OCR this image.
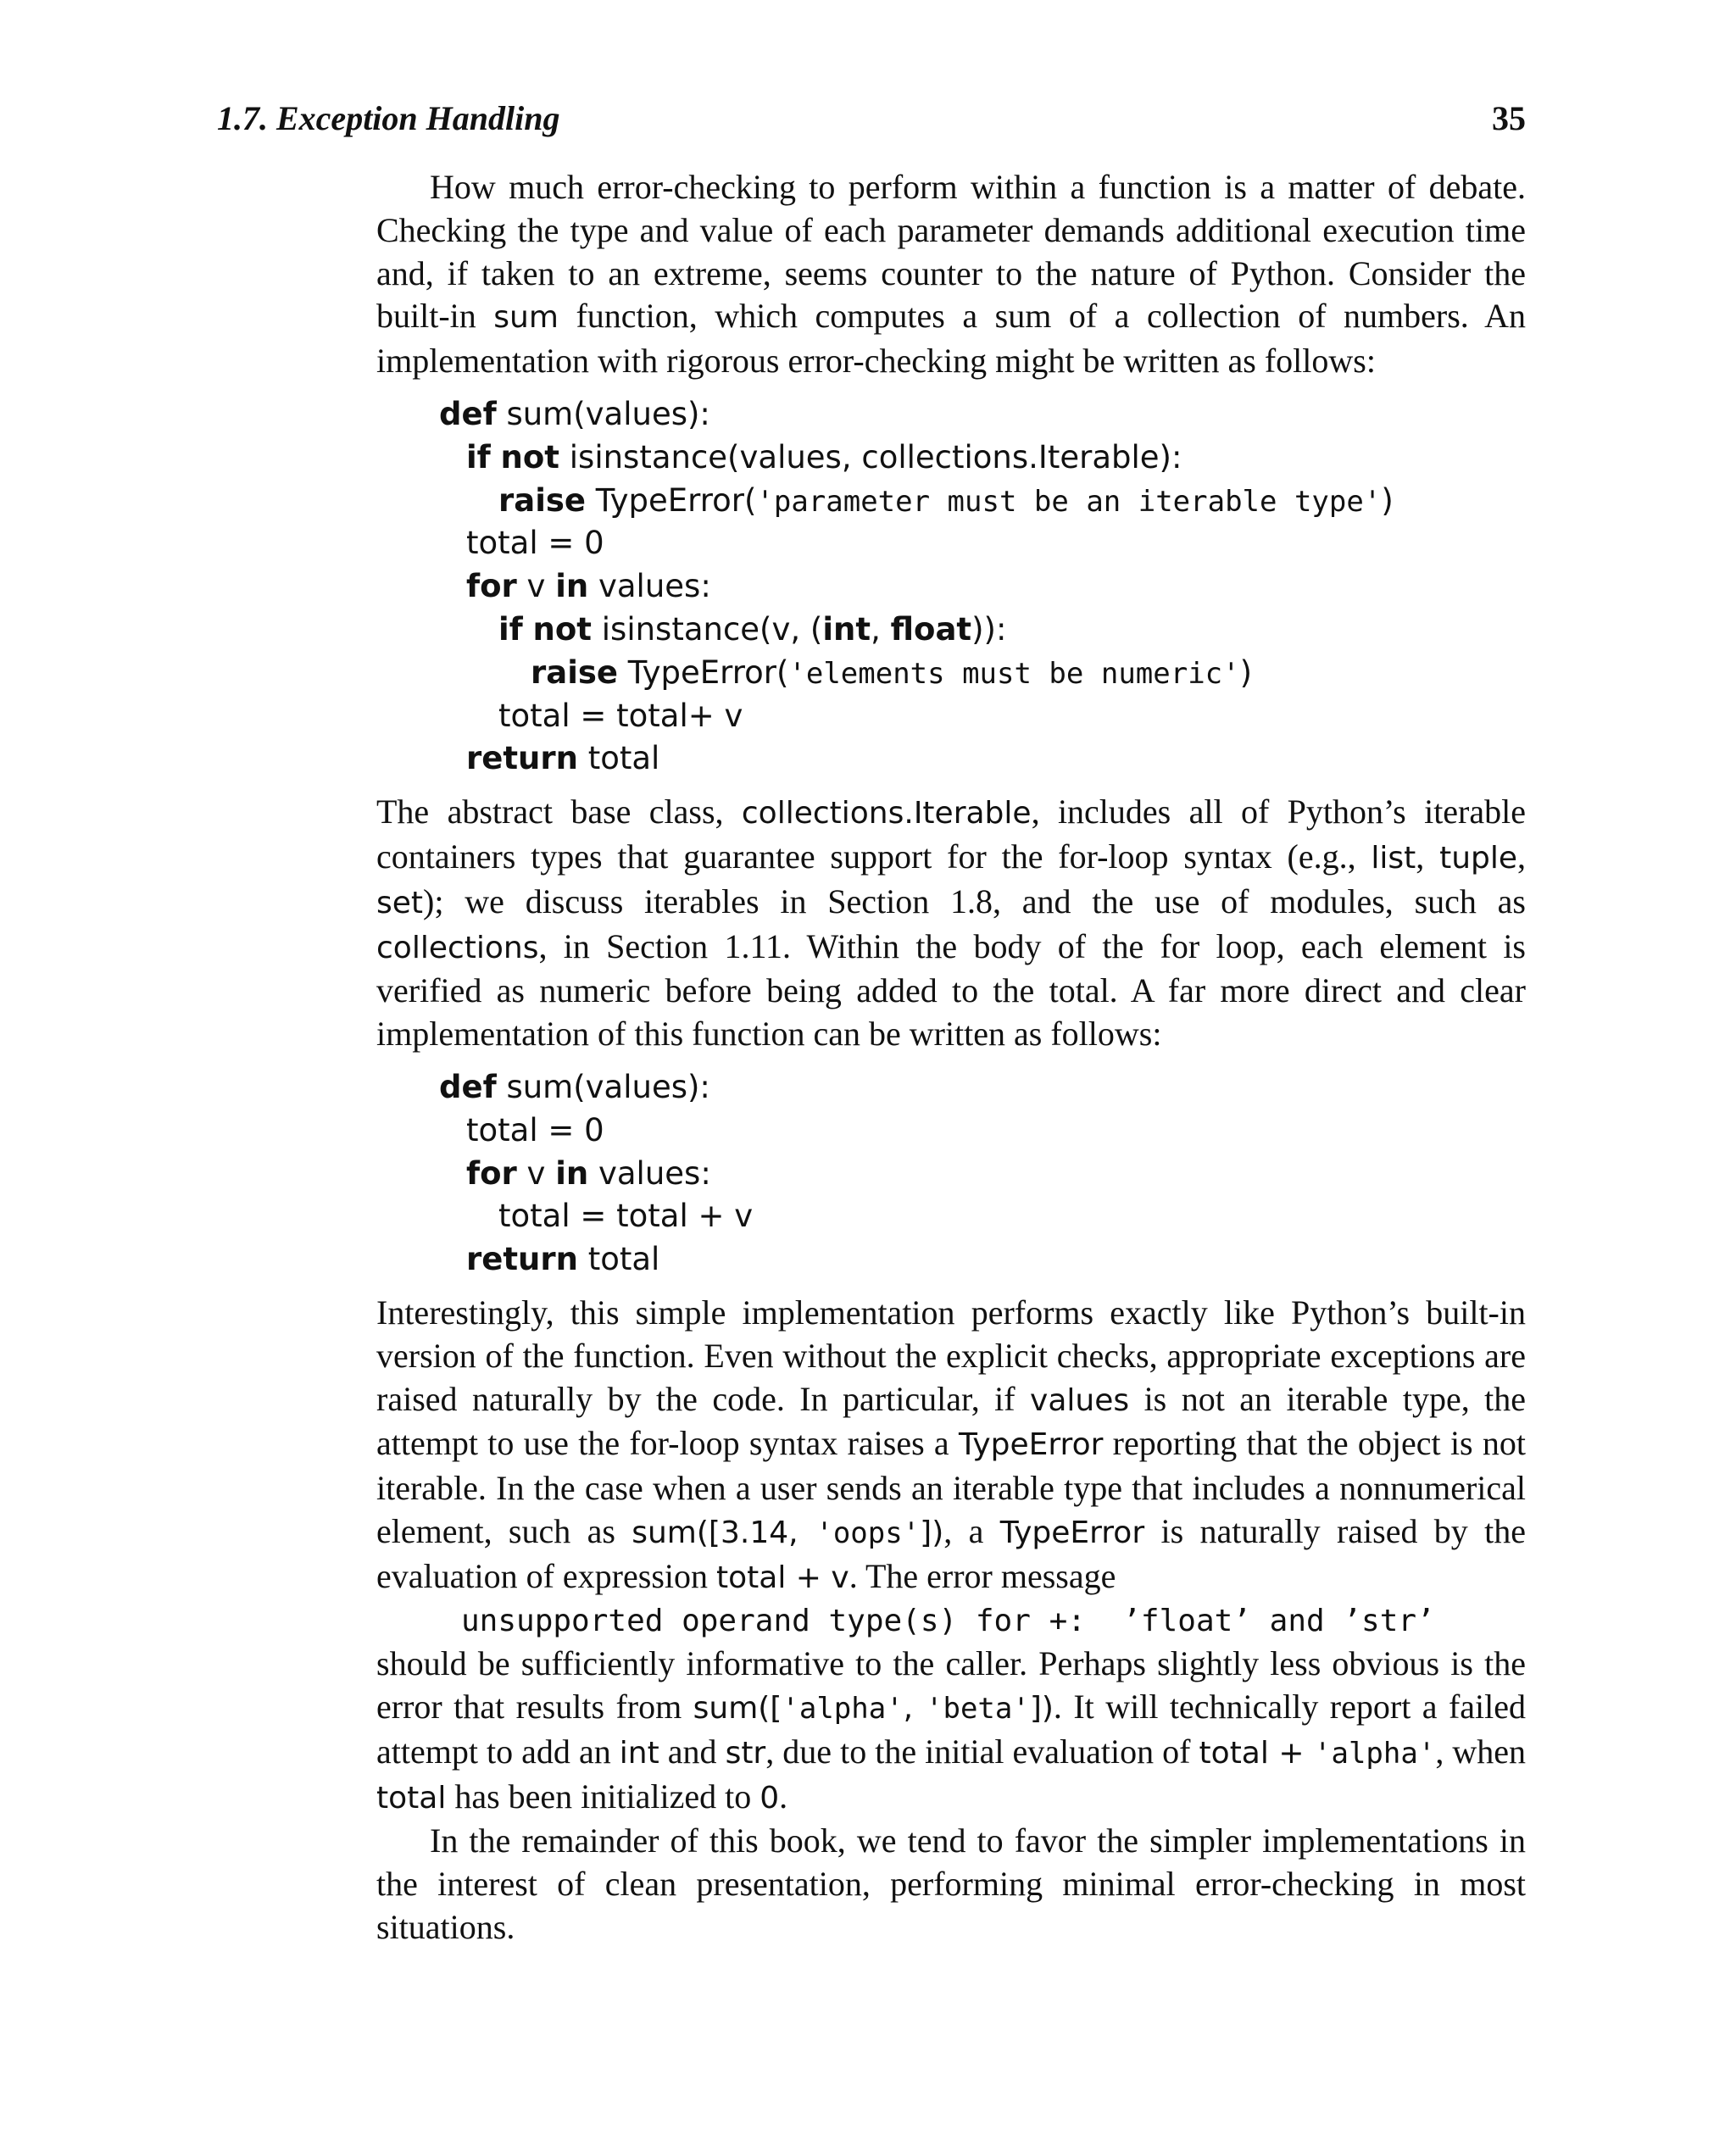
1.7. Exception Handling	35

How much error-checking to perform within a function is a matter of debate. Checking the type and value of each parameter demands additional execution time and, if taken to an extreme, seems counter to the nature of Python. Consider the built-in sum function, which computes a sum of a collection of numbers. An implementation with rigorous error-checking might be written as follows:

def sum(values):
if not isinstance(values, collections.Iterable):
raise TypeError('parameter must be an iterable type')
total = 0
for v in values:
if not isinstance(v, (int, float)):
raise TypeError('elements must be numeric')
total = total+ v
return total

The abstract base class, collections.Iterable, includes all of Python’s iterable containers types that guarantee support for the for-loop syntax (e.g., list, tuple, set); we discuss iterables in Section 1.8, and the use of modules, such as collections, in Section 1.11. Within the body of the for loop, each element is verified as numeric before being added to the total. A far more direct and clear implementation of this function can be written as follows:

def sum(values):
total = 0
for v in values:
total = total + v
return total

Interestingly, this simple implementation performs exactly like Python’s built-in version of the function. Even without the explicit checks, appropriate exceptions are raised naturally by the code. In particular, if values is not an iterable type, the attempt to use the for-loop syntax raises a TypeError reporting that the object is not iterable. In the case when a user sends an iterable type that includes a nonnumerical element, such as sum([3.14, 'oops']), a TypeError is naturally raised by the evaluation of expression total + v. The error message

unsupported operand type(s) for +:  ’float’ and ’str’

should be sufficiently informative to the caller. Perhaps slightly less obvious is the error that results from sum(['alpha', 'beta']). It will technically report a failed attempt to add an int and str, due to the initial evaluation of total + 'alpha', when total has been initialized to 0.

In the remainder of this book, we tend to favor the simpler implementations in the interest of clean presentation, performing minimal error-checking in most situations.
